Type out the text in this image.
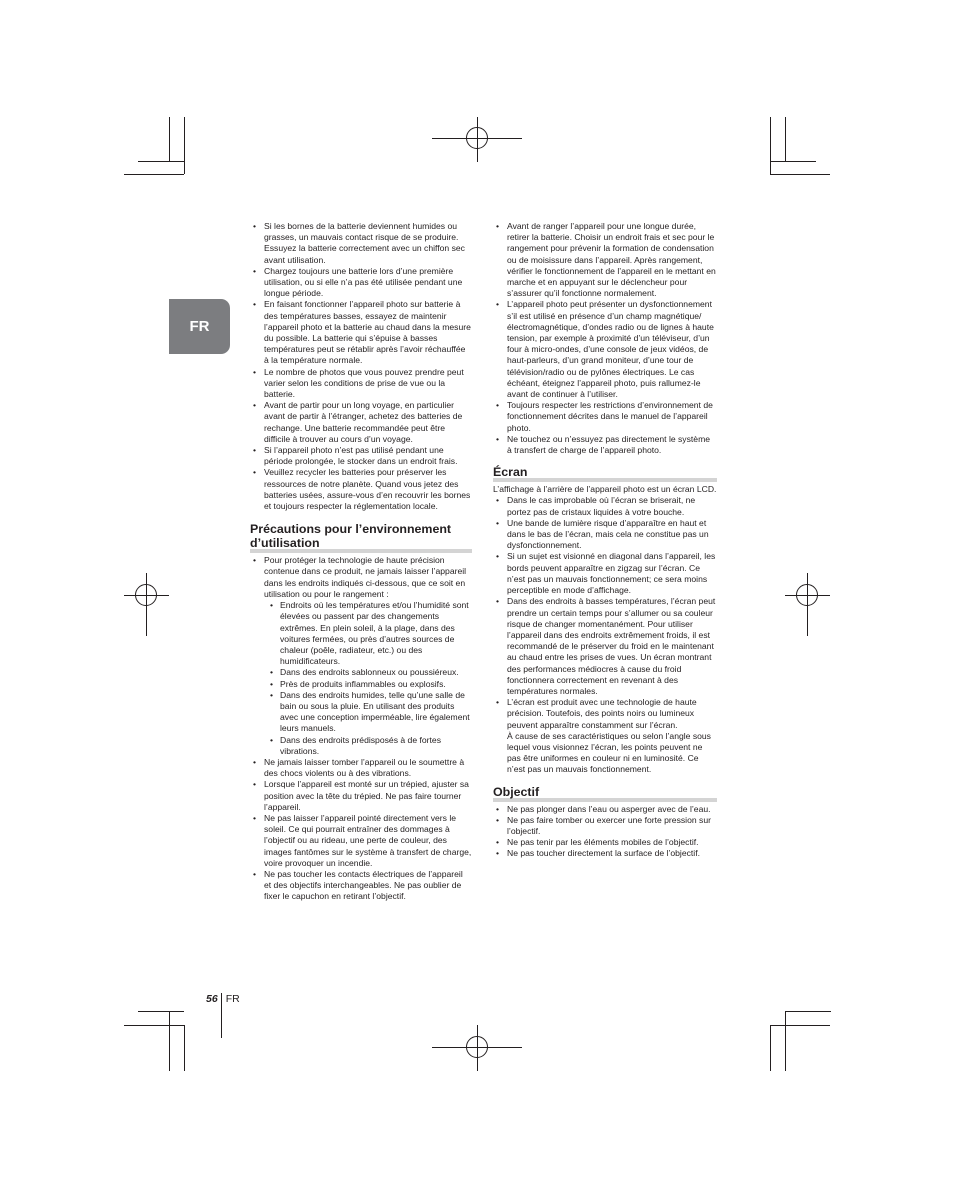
FR
• Si les bornes de la batterie deviennent humides ou grasses, un mauvais contact risque de se produire. Essuyez la batterie correctement avec un chiffon sec avant utilisation.
• Chargez toujours une batterie lors d’une première utilisation, ou si elle n’a pas été utilisée pendant une longue période.
• En faisant fonctionner l’appareil photo sur batterie à des températures basses, essayez de maintenir l’appareil photo et la batterie au chaud dans la mesure du possible. La batterie qui s’épuise à basses températures peut se rétablir après l’avoir réchauffée à la température normale.
• Le nombre de photos que vous pouvez prendre peut varier selon les conditions de prise de vue ou la batterie.
• Avant de partir pour un long voyage, en particulier avant de partir à l’étranger, achetez des batteries de rechange. Une batterie recommandée peut être difficile à trouver au cours d’un voyage.
• Si l’appareil photo n’est pas utilisé pendant une période prolongée, le stocker dans un endroit frais.
• Veuillez recycler les batteries pour préserver les ressources de notre planète. Quand vous jetez des batteries usées, assure-vous d’en recouvrir les bornes et toujours respecter la réglementation locale.
Précautions pour l’environnement d’utilisation
• Pour protéger la technologie de haute précision contenue dans ce produit, ne jamais laisser l’appareil dans les endroits indiqués ci-dessous, que ce soit en utilisation ou pour le rangement :
• Endroits où les températures et/ou l’humidité sont élevées ou passent par des changements extrêmes. En plein soleil, à la plage, dans des voitures fermées, ou près d’autres sources de chaleur (poêle, radiateur, etc.) ou des humidificateurs.
• Dans des endroits sablonneux ou poussiéreux.
• Près de produits inflammables ou explosifs.
• Dans des endroits humides, telle qu’une salle de bain ou sous la pluie. En utilisant des produits avec une conception imperméable, lire également leurs manuels.
• Dans des endroits prédisposés à de fortes vibrations.
• Ne jamais laisser tomber l’appareil ou le soumettre à des chocs violents ou à des vibrations.
• Lorsque l’appareil est monté sur un trépied, ajuster sa position avec la tête du trépied. Ne pas faire tourner l’appareil.
• Ne pas laisser l’appareil pointé directement vers le soleil. Ce qui pourrait entraîner des dommages à l’objectif ou au rideau, une perte de couleur, des images fantômes sur le système à transfert de charge, voire provoquer un incendie.
• Ne pas toucher les contacts électriques de l’appareil et des objectifs interchangeables. Ne pas oublier de fixer le capuchon en retirant l’objectif.
• Avant de ranger l’appareil pour une longue durée, retirer la batterie. Choisir un endroit frais et sec pour le rangement pour prévenir la formation de condensation ou de moisissure dans l’appareil. Après rangement, vérifier le fonctionnement de l’appareil en le mettant en marche et en appuyant sur le déclencheur pour s’assurer qu’il fonctionne normalement.
• L’appareil photo peut présenter un dysfonctionnement s’il est utilisé en présence d’un champ magnétique/électromagnétique, d’ondes radio ou de lignes à haute tension, par exemple à proximité d’un téléviseur, d’un four à micro-ondes, d’une console de jeux vidéos, de haut-parleurs, d’un grand moniteur, d’une tour de télévision/radio ou de pylônes électriques. Le cas échéant, éteignez l’appareil photo, puis rallumez-le avant de continuer à l’utiliser.
• Toujours respecter les restrictions d’environnement de fonctionnement décrites dans le manuel de l’appareil photo.
• Ne touchez ou n’essuyez pas directement le système à transfert de charge de l’appareil photo.
Écran

L’affichage à l’arrière de l’appareil photo est un écran LCD.

• Dans le cas improbable où l’écran se briserait, ne portez pas de cristaux liquides à votre bouche.
• Une bande de lumière risque d’apparaître en haut et dans le bas de l’écran, mais cela ne constitue pas un dysfonctionnement.
• Si un sujet est visionné en diagonal dans l’appareil, les bords peuvent apparaître en zigzag sur l’écran. Ce n’est pas un mauvais fonctionnement; ce sera moins perceptible en mode d’affichage.
• Dans des endroits à basses températures, l’écran peut prendre un certain temps pour s’allumer ou sa couleur risque de changer momentanément. Pour utiliser l’appareil dans des endroits extrêmement froids, il est recommandé de le préserver du froid en le maintenant au chaud entre les prises de vues. Un écran montrant des performances médiocres à cause du froid fonctionnera correctement en revenant à des températures normales.
• L’écran est produit avec une technologie de haute précision. Toutefois, des points noirs ou lumineux peuvent apparaître constamment sur l’écran.
À cause de ses caractéristiques ou selon l’angle sous lequel vous visionnez l’écran, les points peuvent ne pas être uniformes en couleur ni en luminosité. Ce n’est pas un mauvais fonctionnement.
Objectif
• Ne pas plonger dans l’eau ou asperger avec de l’eau.
• Ne pas faire tomber ou exercer une forte pression sur l’objectif.
• Ne pas tenir par les éléments mobiles de l’objectif.
• Ne pas toucher directement la surface de l’objectif.
56 FR
